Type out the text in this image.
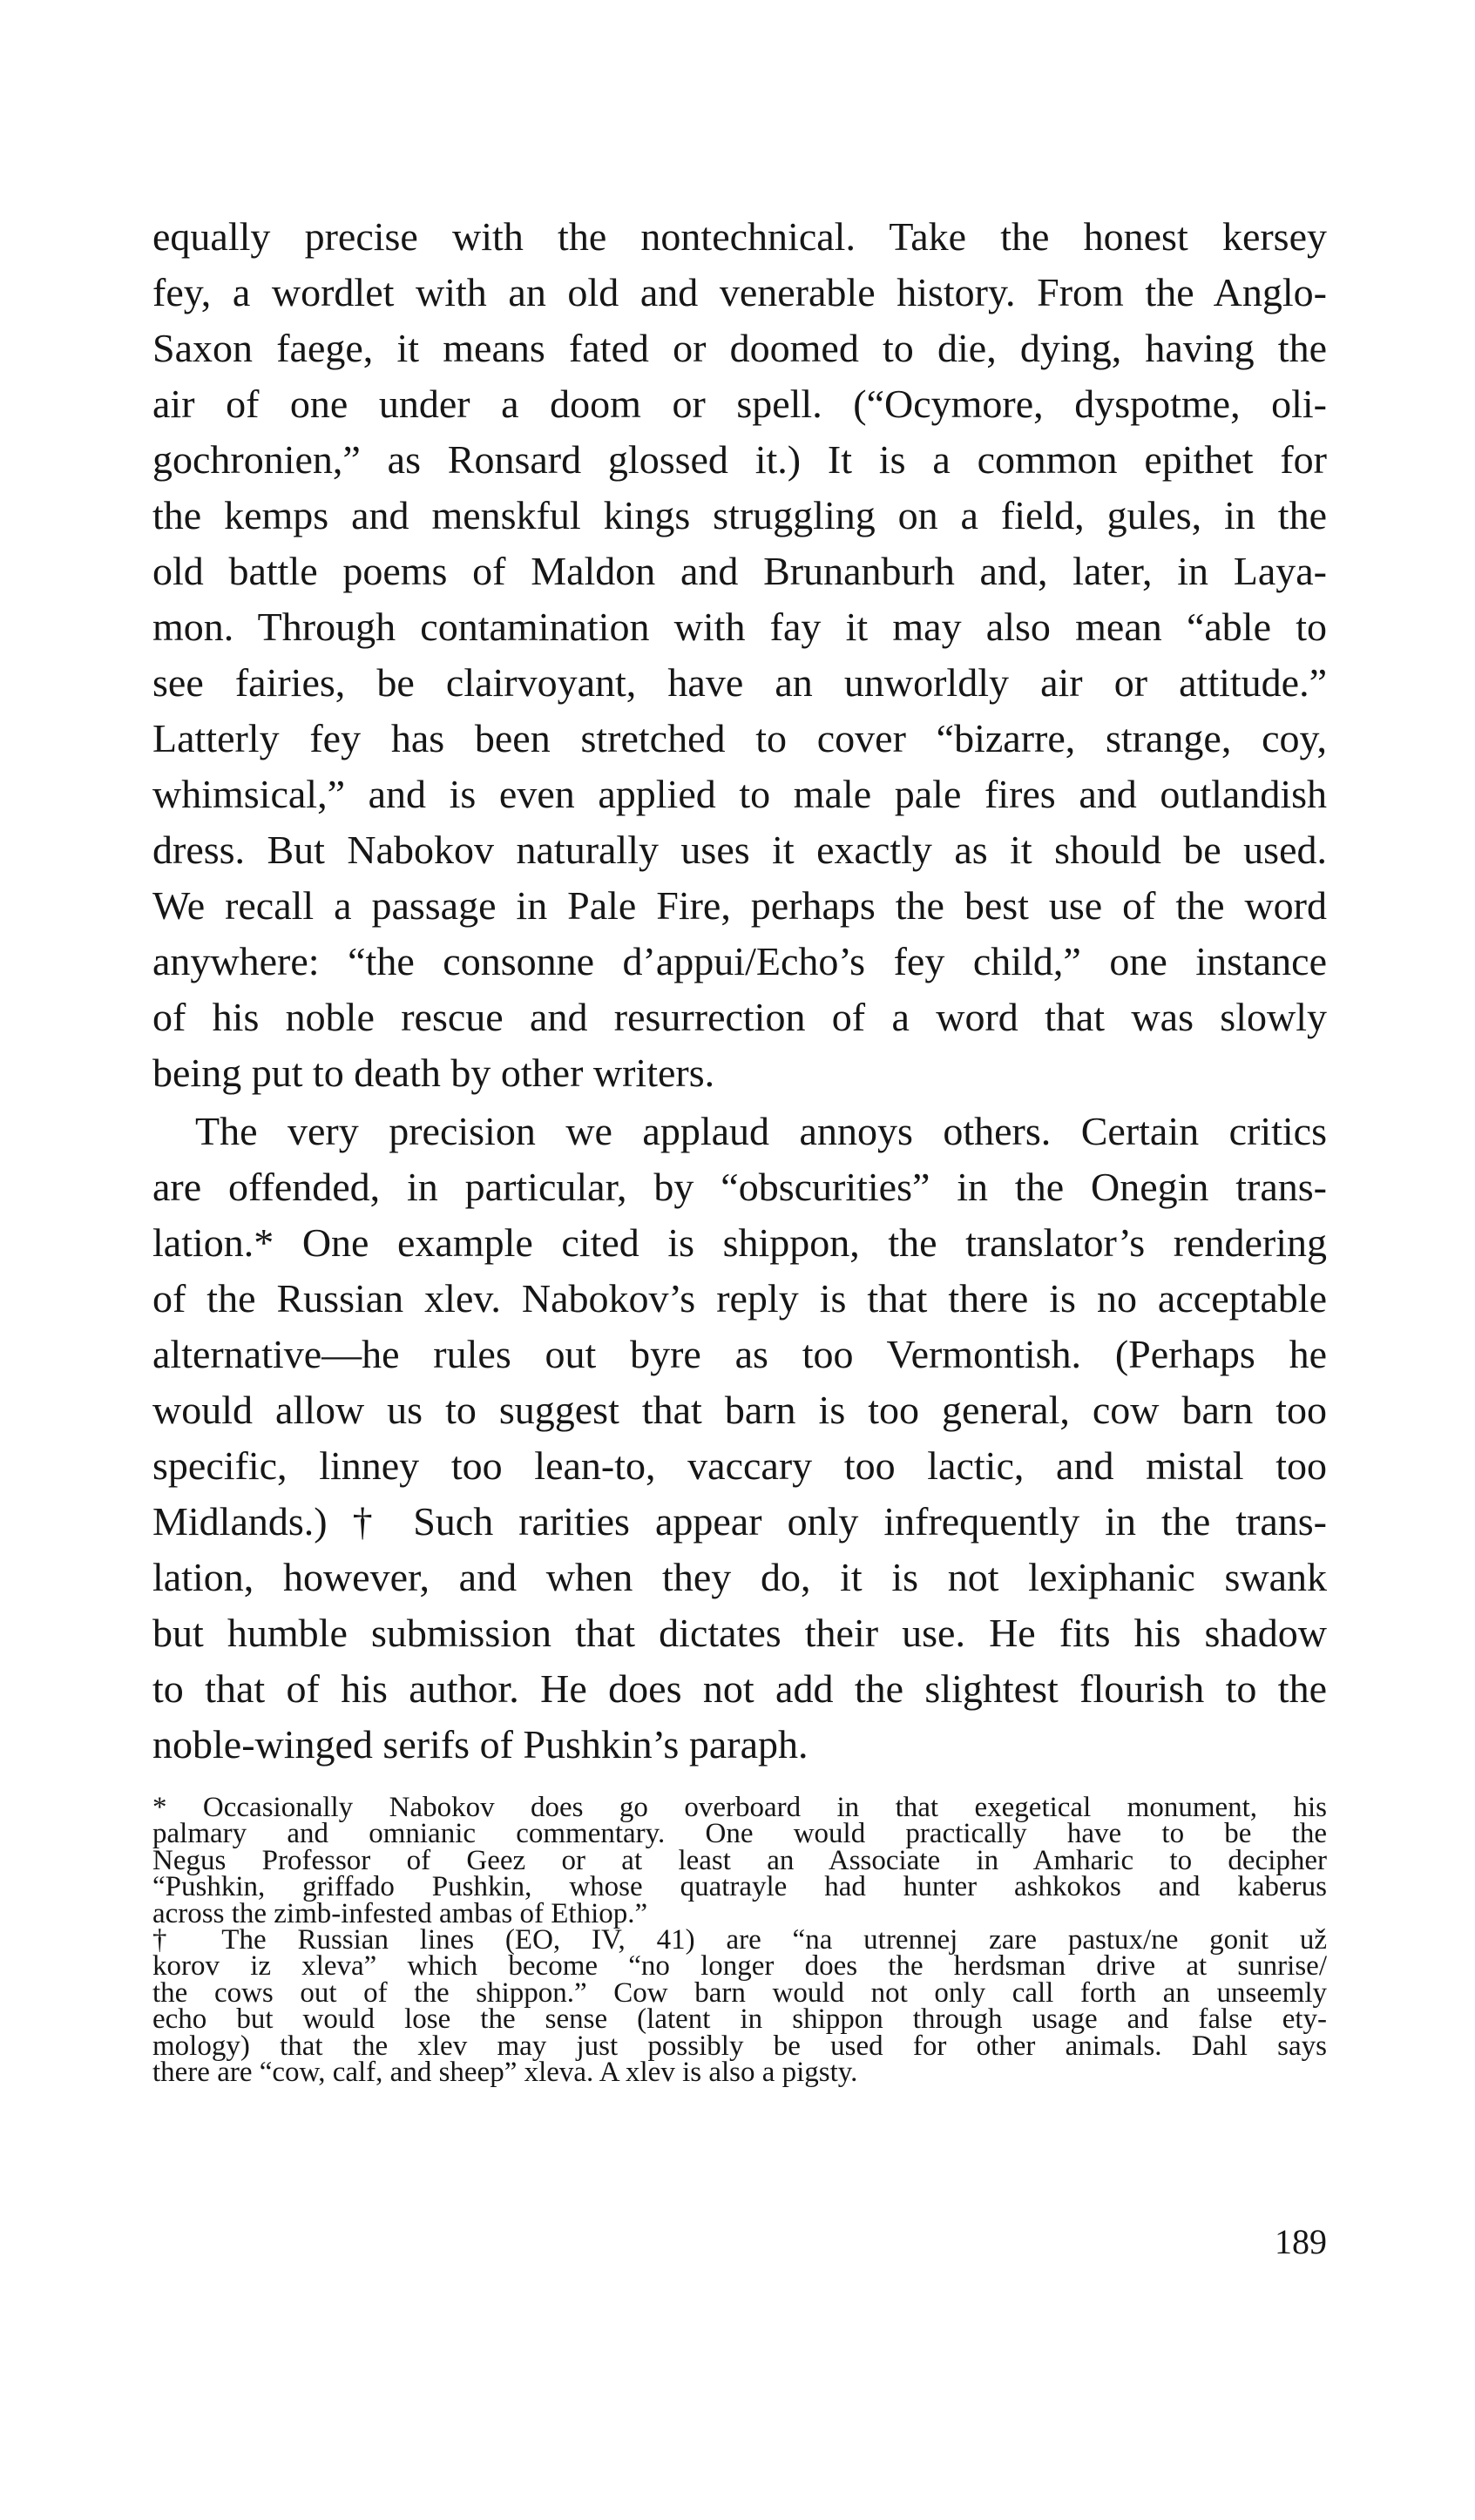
equally precise with the nontechnical. Take the honest kersey
fey, a wordlet with an old and venerable history. From the Anglo-
Saxon faege, it means fated or doomed to die, dying, having the
air of one under a doom or spell. (“Ocymore, dyspotme, oli-
gochronien,” as Ronsard glossed it.) It is a common epithet for
the kemps and menskful kings struggling on a field, gules, in the
old battle poems of Maldon and Brunanburh and, later, in Laya-
mon. Through contamination with fay it may also mean “able to
see fairies, be clairvoyant, have an unworldly air or attitude.”
Latterly fey has been stretched to cover “bizarre, strange, coy,
whimsical,” and is even applied to male pale fires and outlandish
dress. But Nabokov naturally uses it exactly as it should be used.
We recall a passage in Pale Fire, perhaps the best use of the word
anywhere: “the consonne d’appui/Echo’s fey child,” one instance
of his noble rescue and resurrection of a word that was slowly
being put to death by other writers.
The very precision we applaud annoys others. Certain critics
are offended, in particular, by “obscurities” in the Onegin trans-
lation.* One example cited is shippon, the translator’s rendering
of the Russian xlev. Nabokov’s reply is that there is no acceptable
alternative—he rules out byre as too Vermontish. (Perhaps he
would allow us to suggest that barn is too general, cow barn too
specific, linney too lean-to, vaccary too lactic, and mistal too
Midlands.) † Such rarities appear only infrequently in the trans-
lation, however, and when they do, it is not lexiphanic swank
but humble submission that dictates their use. He fits his shadow
to that of his author. He does not add the slightest flourish to the
noble-winged serifs of Pushkin’s paraph.
* Occasionally Nabokov does go overboard in that exegetical monument, his
palmary and omnianic commentary. One would practically have to be the
Negus Professor of Geez or at least an Associate in Amharic to decipher
“Pushkin, griffado Pushkin, whose quatrayle had hunter ashkokos and kaberus
across the zimb-infested ambas of Ethiop.”
† The Russian lines (EO, IV, 41) are “na utrennej zare pastux/ne gonit už
korov iz xleva” which become “no longer does the herdsman drive at sunrise/
the cows out of the shippon.” Cow barn would not only call forth an unseemly
echo but would lose the sense (latent in shippon through usage and false ety-
mology) that the xlev may just possibly be used for other animals. Dahl says
there are “cow, calf, and sheep” xleva. A xlev is also a pigsty.
189
